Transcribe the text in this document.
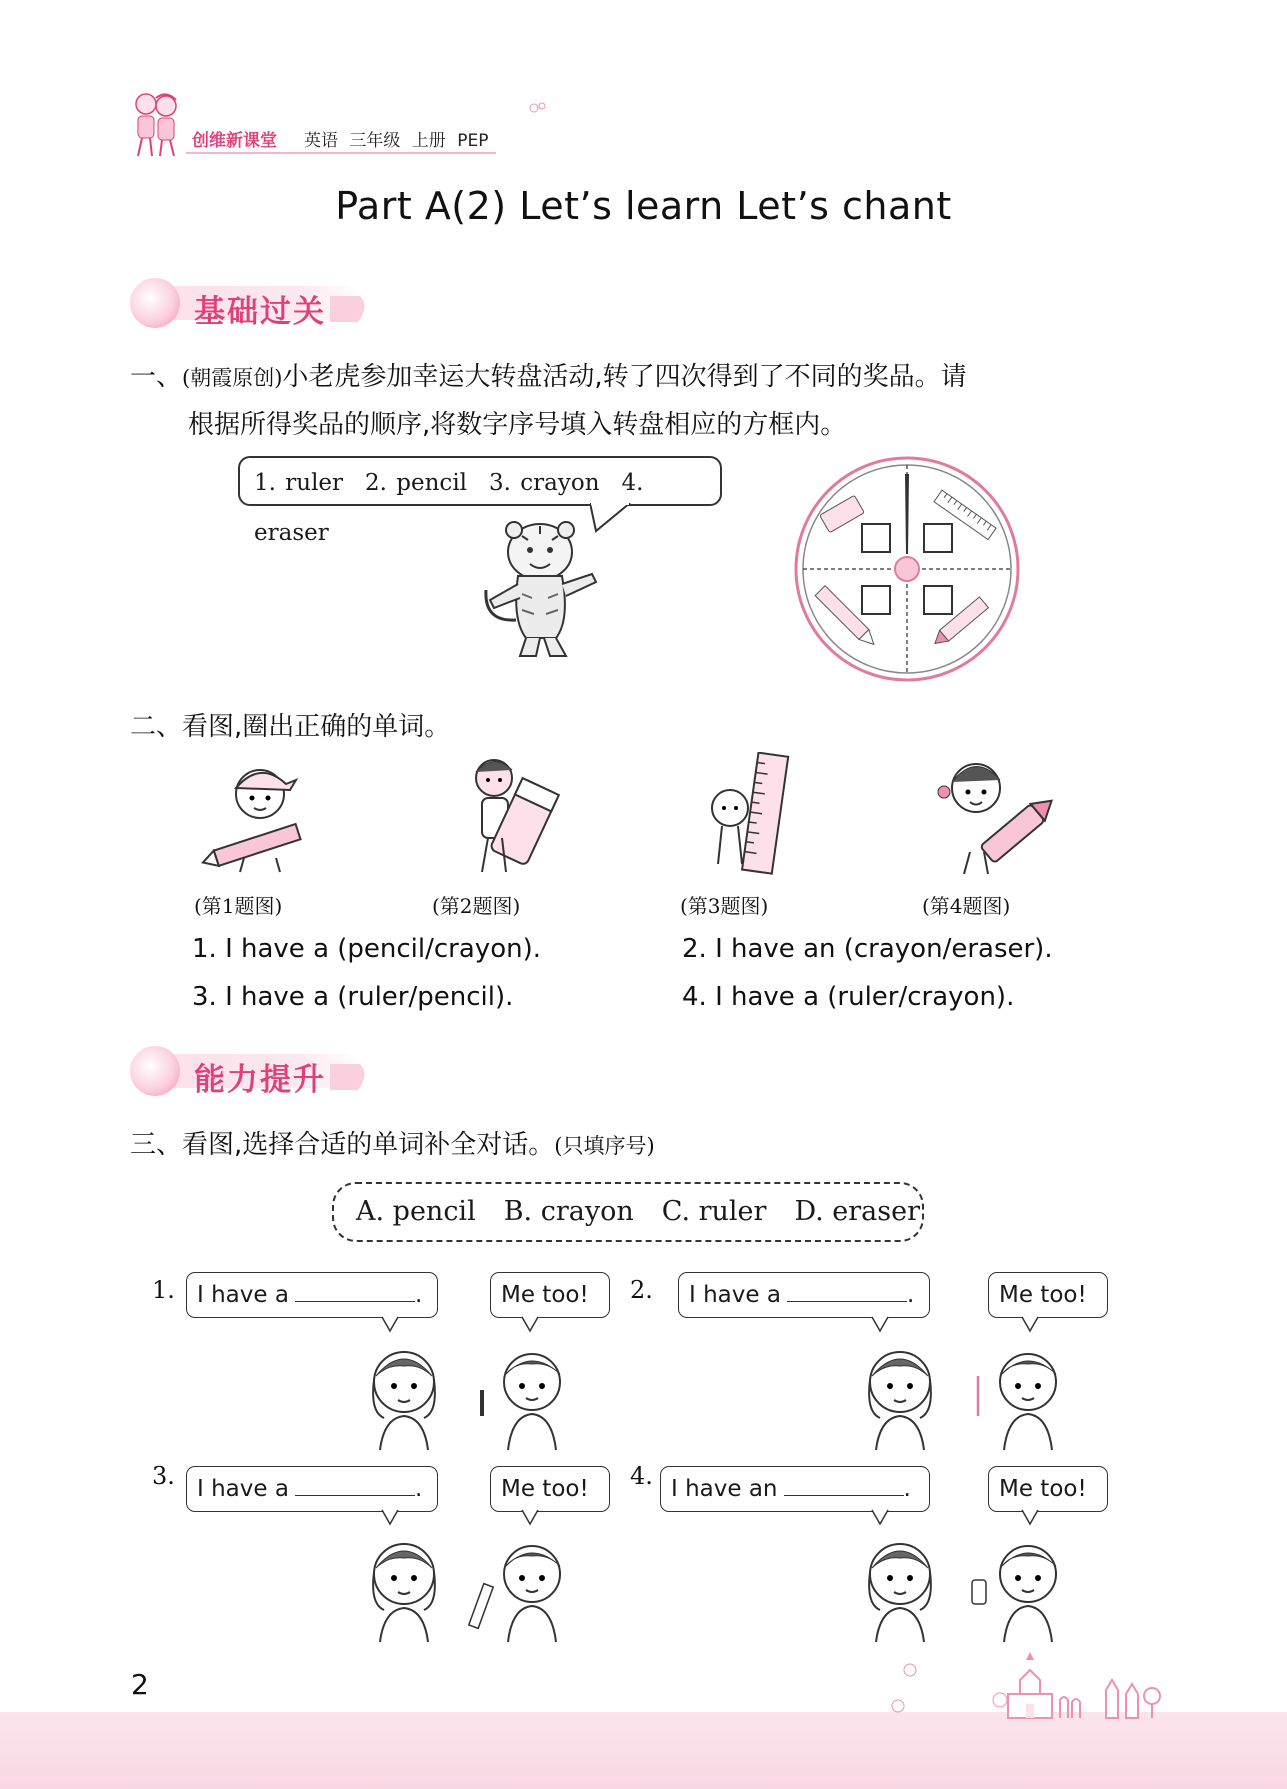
创维新课堂 英语 三年级 上册 PEP
Part A(2) Let’s learn Let’s chant
基础过关
一、(朝霞原创)小老虎参加幸运大转盘活动,转了四次得到了不同的奖品。请
根据所得奖品的顺序,将数字序号填入转盘相应的方框内。
1. ruler 2. pencil 3. crayon 4. eraser
二、看图,圈出正确的单词。
(第1题图)	(第2题图)	(第3题图)	(第4题图)
1. I have a (pencil/crayon).	2. I have an (crayon/eraser).
3. I have a (ruler/pencil).	4. I have a (ruler/crayon).
能力提升
三、看图,选择合适的单词补全对话。(只填序号)
A. pencil B. crayon C. ruler D. eraser
1. I have a	.	Me too!	2.	I have a	.	Me too!
3. I have a	.	Me too!	4. I have an	.	Me too!
2
